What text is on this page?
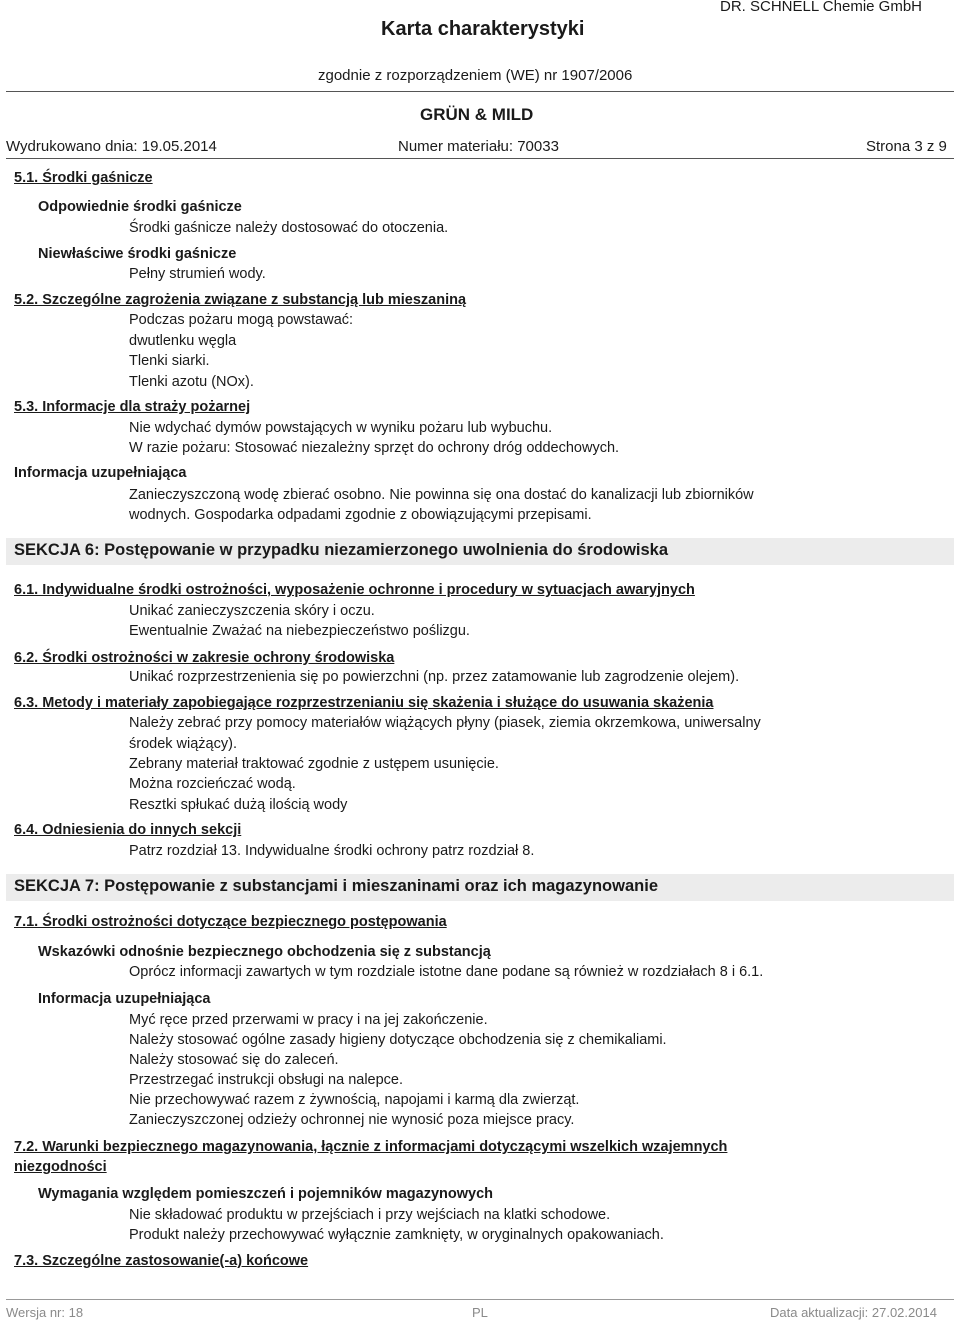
Karta charakterystyki
DR. SCHNELL Chemie GmbH
zgodnie z rozporządzeniem (WE) nr 1907/2006
GRÜN & MILD
Wydrukowano dnia: 19.05.2014	Numer materiału: 70033	Strona 3 z 9
5.1. Środki gaśnicze
Odpowiednie środki gaśnicze
Środki gaśnicze należy dostosować do otoczenia.
Niewłaściwe środki gaśnicze
Pełny strumień wody.
5.2. Szczególne zagrożenia związane z substancją lub mieszaniną
Podczas pożaru mogą powstawać:
dwutlenku węgla
Tlenki siarki.
Tlenki azotu (NOx).
5.3. Informacje dla straży pożarnej
Nie wdychać dymów powstających w wyniku pożaru lub wybuchu.
W razie pożaru: Stosować niezależny sprzęt do ochrony dróg oddechowych.
Informacja uzupełniająca
Zanieczyszczoną wodę zbierać osobno. Nie powinna się ona dostać do kanalizacji lub zbiorników
wodnych. Gospodarka odpadami zgodnie z obowiązującymi przepisami.
SEKCJA 6: Postępowanie w przypadku niezamierzonego uwolnienia do środowiska
6.1. Indywidualne środki ostrożności, wyposażenie ochronne i procedury w sytuacjach awaryjnych
Unikać zanieczyszczenia skóry i oczu.
Ewentualnie Zważać na niebezpieczeństwo poślizgu.
6.2. Środki ostrożności w zakresie ochrony środowiska
Unikać rozprzestrzenienia się po powierzchni (np. przez zatamowanie lub zagrodzenie olejem).
6.3. Metody i materiały zapobiegające rozprzestrzenianiu się skażenia i służące do usuwania skażenia
Należy zebrać przy pomocy materiałów wiążących płyny (piasek, ziemia okrzemkowa, uniwersalny
środek wiążący).
Zebrany materiał traktować zgodnie z ustępem usunięcie.
Można rozcieńczać wodą.
Resztki spłukać dużą ilością wody
6.4. Odniesienia do innych sekcji
Patrz rozdział 13. Indywidualne środki ochrony patrz rozdział 8.
SEKCJA 7: Postępowanie z substancjami i mieszaninami oraz ich magazynowanie
7.1. Środki ostrożności dotyczące bezpiecznego postępowania
Wskazówki odnośnie bezpiecznego obchodzenia się z substancją
Oprócz informacji zawartych w tym rozdziale istotne dane podane są również w rozdziałach 8 i 6.1.
Informacja uzupełniająca
Myć ręce przed przerwami w pracy i na jej zakończenie.
Należy stosować ogólne zasady higieny dotyczące obchodzenia się z chemikaliami.
Należy stosować się do zaleceń.
Przestrzegać instrukcji obsługi na nalepce.
Nie przechowywać razem z żywnością, napojami i karmą dla zwierząt.
Zanieczyszczonej odzieży ochronnej nie wynosić poza miejsce pracy.
7.2. Warunki bezpiecznego magazynowania, łącznie z informacjami dotyczącymi wszelkich wzajemnych
niezgodności
Wymagania względem pomieszczeń i pojemników magazynowych
Nie składować produktu w przejściach i przy wejściach na klatki schodowe.
Produkt należy przechowywać wyłącznie zamknięty, w oryginalnych opakowaniach.
7.3. Szczególne zastosowanie(-a) końcowe
Wersja nr: 18	PL	Data aktualizacji: 27.02.2014
